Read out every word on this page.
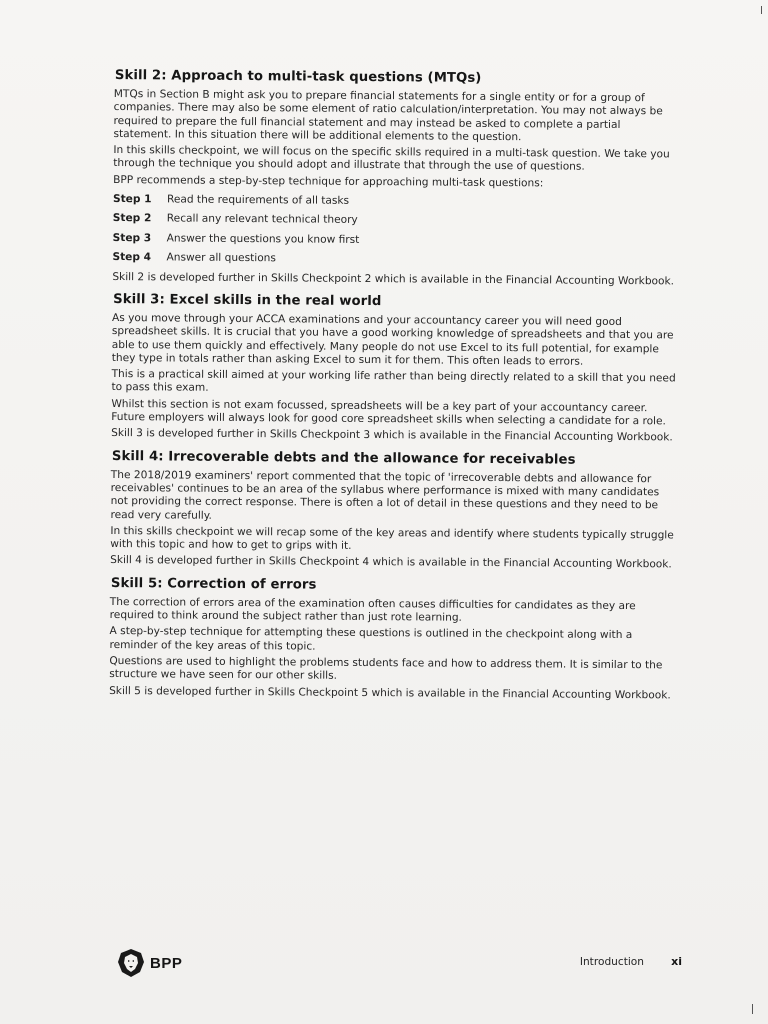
Skill 2: Approach to multi-task questions (MTQs)

MTQs in Section B might ask you to prepare financial statements for a single entity or for a group of companies. There may also be some element of ratio calculation/interpretation. You may not always be required to prepare the full financial statement and may instead be asked to complete a partial statement. In this situation there will be additional elements to the question.

In this skills checkpoint, we will focus on the specific skills required in a multi-task question. We take you through the technique you should adopt and illustrate that through the use of questions.

BPP recommends a step-by-step technique for approaching multi-task questions:

Step 1	Read the requirements of all tasks
Step 2	Recall any relevant technical theory
Step 3	Answer the questions you know first
Step 4	Answer all questions

Skill 2 is developed further in Skills Checkpoint 2 which is available in the Financial Accounting Workbook.

Skill 3: Excel skills in the real world

As you move through your ACCA examinations and your accountancy career you will need good spreadsheet skills. It is crucial that you have a good working knowledge of spreadsheets and that you are able to use them quickly and effectively. Many people do not use Excel to its full potential, for example they type in totals rather than asking Excel to sum it for them. This often leads to errors.

This is a practical skill aimed at your working life rather than being directly related to a skill that you need to pass this exam.

Whilst this section is not exam focussed, spreadsheets will be a key part of your accountancy career. Future employers will always look for good core spreadsheet skills when selecting a candidate for a role.

Skill 3 is developed further in Skills Checkpoint 3 which is available in the Financial Accounting Workbook.

Skill 4: Irrecoverable debts and the allowance for receivables

The 2018/2019 examiners' report commented that the topic of 'irrecoverable debts and allowance for receivables' continues to be an area of the syllabus where performance is mixed with many candidates not providing the correct response. There is often a lot of detail in these questions and they need to be read very carefully.

In this skills checkpoint we will recap some of the key areas and identify where students typically struggle with this topic and how to get to grips with it.

Skill 4 is developed further in Skills Checkpoint 4 which is available in the Financial Accounting Workbook.

Skill 5: Correction of errors

The correction of errors area of the examination often causes difficulties for candidates as they are required to think around the subject rather than just rote learning.

A step-by-step technique for attempting these questions is outlined in the checkpoint along with a reminder of the key areas of this topic.

Questions are used to highlight the problems students face and how to address them. It is similar to the structure we have seen for our other skills.

Skill 5 is developed further in Skills Checkpoint 5 which is available in the Financial Accounting Workbook.

BPP	Introduction xi
